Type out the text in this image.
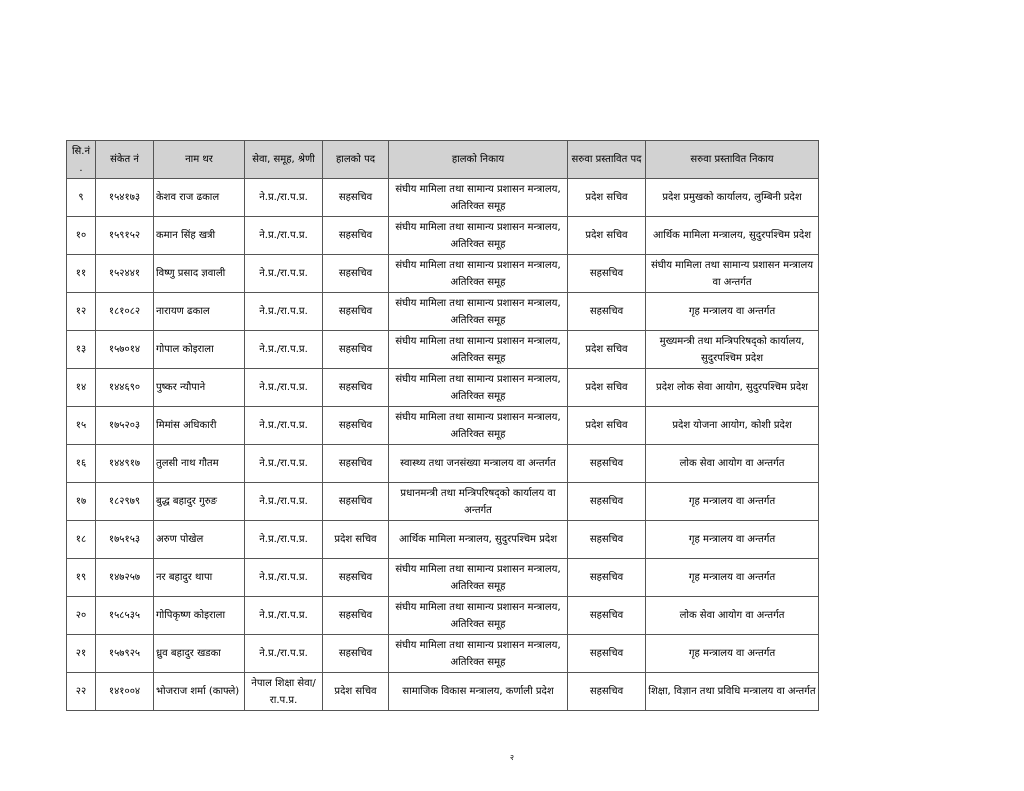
सि.नं .	संकेत नं	नाम थर	सेवा, समूह, श्रेणी	हालको पद	हालको निकाय	सरुवा प्रस्तावित पद	सरुवा प्रस्तावित निकाय
९	१५४१७३	केशव राज ढकाल	ने.प्र./रा.प.प्र.	सहसचिव	संघीय मामिला तथा सामान्य प्रशासन मन्त्रालय, अतिरिक्त समूह	प्रदेश सचिव	प्रदेश प्रमुखको कार्यालय, लुम्बिनी प्रदेश
१०	१५९१५२	कमान सिंह खत्री	ने.प्र./रा.प.प्र.	सहसचिव	संघीय मामिला तथा सामान्य प्रशासन मन्त्रालय, अतिरिक्त समूह	प्रदेश सचिव	आर्थिक मामिला मन्त्रालय, सुदुरपश्चिम प्रदेश
११	१५२४४१	विष्णु प्रसाद ज्ञवाली	ने.प्र./रा.प.प्र.	सहसचिव	संघीय मामिला तथा सामान्य प्रशासन मन्त्रालय, अतिरिक्त समूह	सहसचिव	संघीय मामिला तथा सामान्य प्रशासन मन्त्रालय वा अन्तर्गत
१२	१८१०८२	नारायण ढकाल	ने.प्र./रा.प.प्र.	सहसचिव	संघीय मामिला तथा सामान्य प्रशासन मन्त्रालय, अतिरिक्त समूह	सहसचिव	गृह मन्त्रालय वा अन्तर्गत
१३	१५७०१४	गोपाल कोइराला	ने.प्र./रा.प.प्र.	सहसचिव	संघीय मामिला तथा सामान्य प्रशासन मन्त्रालय, अतिरिक्त समूह	प्रदेश सचिव	मुख्यमन्त्री तथा मन्त्रिपरिषद्‌को कार्यालय, सुदुरपश्चिम प्रदेश
१४	१४४६९०	पुष्कर न्यौपाने	ने.प्र./रा.प.प्र.	सहसचिव	संघीय मामिला तथा सामान्य प्रशासन मन्त्रालय, अतिरिक्त समूह	प्रदेश सचिव	प्रदेश लोक सेवा आयोग, सुदुरपश्चिम प्रदेश
१५	१७५२०३	मिमांस अधिकारी	ने.प्र./रा.प.प्र.	सहसचिव	संघीय मामिला तथा सामान्य प्रशासन मन्त्रालय, अतिरिक्त समूह	प्रदेश सचिव	प्रदेश योजना आयोग, कोशी प्रदेश
१६	१४४९१७	तुलसी नाथ गौतम	ने.प्र./रा.प.प्र.	सहसचिव	स्वास्थ्य तथा जनसंख्या मन्त्रालय वा अन्तर्गत	सहसचिव	लोक सेवा आयोग वा अन्तर्गत
१७	१८२९७९	बुद्ध बहादुर गुरुङ	ने.प्र./रा.प.प्र.	सहसचिव	प्रधानमन्त्री तथा मन्त्रिपरिषद्‌को कार्यालय वा अन्तर्गत	सहसचिव	गृह मन्त्रालय वा अन्तर्गत
१८	१७५१५३	अरुण पोखेल	ने.प्र./रा.प.प्र.	प्रदेश सचिव	आर्थिक मामिला मन्त्रालय, सुदुरपश्चिम प्रदेश	सहसचिव	गृह मन्त्रालय वा अन्तर्गत
१९	१४७२५७	नर बहादुर थापा	ने.प्र./रा.प.प्र.	सहसचिव	संघीय मामिला तथा सामान्य प्रशासन मन्त्रालय, अतिरिक्त समूह	सहसचिव	गृह मन्त्रालय वा अन्तर्गत
२०	१५८५३५	गोपिकृष्ण कोइराला	ने.प्र./रा.प.प्र.	सहसचिव	संघीय मामिला तथा सामान्य प्रशासन मन्त्रालय, अतिरिक्त समूह	सहसचिव	लोक सेवा आयोग वा अन्तर्गत
२१	१५७९२५	ध्रुव बहादुर खडका	ने.प्र./रा.प.प्र.	सहसचिव	संघीय मामिला तथा सामान्य प्रशासन मन्त्रालय, अतिरिक्त समूह	सहसचिव	गृह मन्त्रालय वा अन्तर्गत
२२	१४१००४	भोजराज शर्मा (काफ्ले)	नेपाल शिक्षा सेवा/रा.प.प्र.	प्रदेश सचिव	सामाजिक विकास मन्त्रालय, कर्णाली प्रदेश	सहसचिव	शिक्षा, विज्ञान तथा प्रविधि मन्त्रालय वा अन्तर्गत
२
